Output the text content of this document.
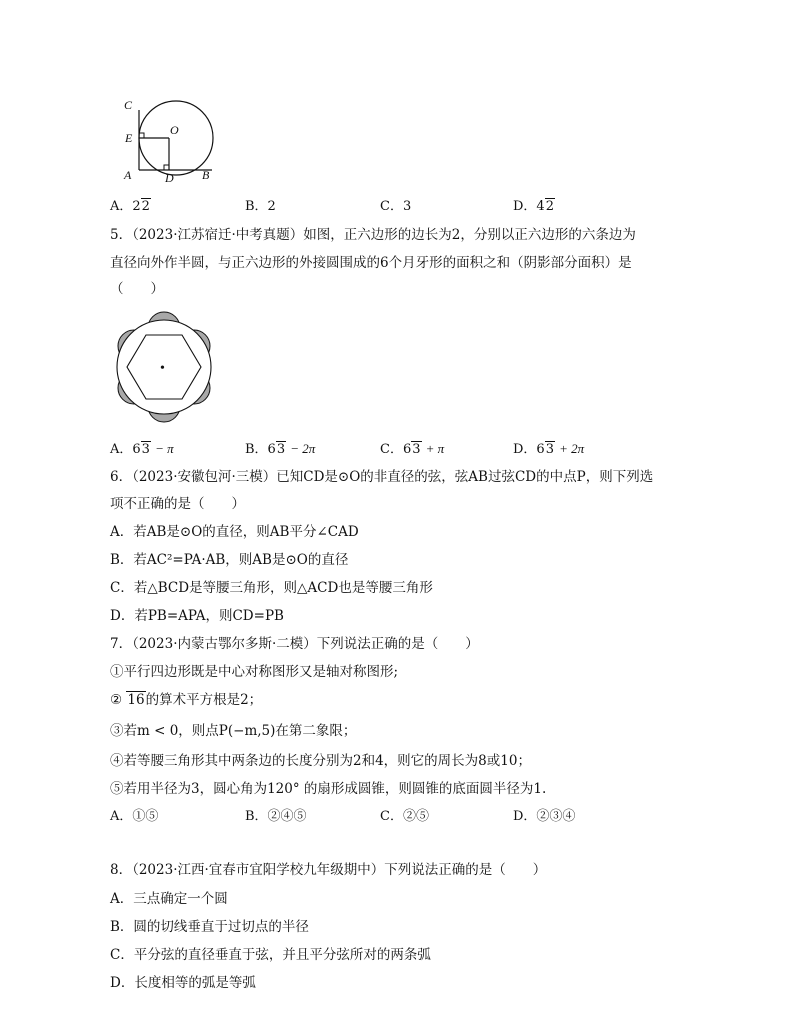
C
E
O
A	D B
A．22	B．2	C．3	D．42
5．（2023·江苏宿迁·中考真题）如图，正六边形的边长为2，分别以正六边形的六条边为
直径向外作半圆，与正六边形的外接圆围成的6个月牙形的面积之和（阴影部分面积）是
（　　）
•
A．63 − π	B．63 − 2π	C．63 + π	D．63 + 2π
6．（2023·安徽包河·三模）已知CD是⊙O的非直径的弦，弦AB过弦CD的中点P，则下列选
项不正确的是（　　）
A．若AB是⊙O的直径，则AB平分∠CAD
B．若AC²=PA·AB，则AB是⊙O的直径
C．若△BCD是等腰三角形，则△ACD也是等腰三角形
D．若PB=APA，则CD=PB
7．（2023·内蒙古鄂尔多斯·二模）下列说法正确的是（　　）
①平行四边形既是中心对称图形又是轴对称图形;
② 16的算术平方根是2；
③若m < 0，则点P(−m,5)在第二象限；
④若等腰三角形其中两条边的长度分别为2和4，则它的周长为8或10；
⑤若用半径为3，圆心角为120° 的扇形成圆锥，则圆锥的底面圆半径为1.
A．①⑤	B．②④⑤	C．②⑤	D．②③④
8．（2023·江西·宜春市宜阳学校九年级期中）下列说法正确的是（　　）
A．三点确定一个圆
B．圆的切线垂直于过切点的半径
C．平分弦的直径垂直于弦，并且平分弦所对的两条弧
D．长度相等的弧是等弧
